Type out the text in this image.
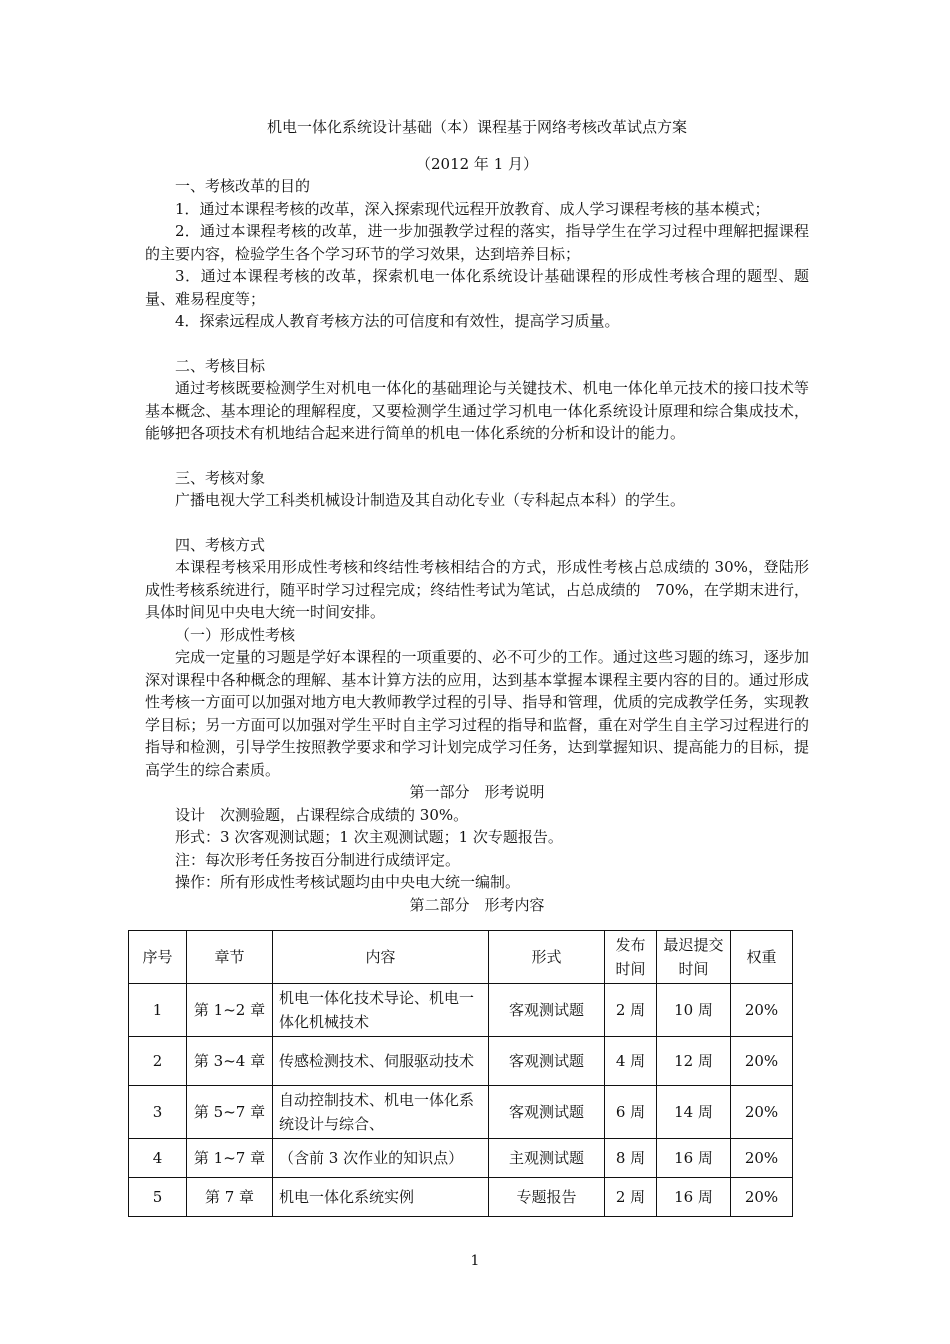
机电一体化系统设计基础（本）课程基于网络考核改革试点方案
（2012 年 1 月）

一、考核改革的目的

1．通过本课程考核的改革，深入探索现代远程开放教育、成人学习课程考核的基本模式；

2．通过本课程考核的改革，进一步加强教学过程的落实，指导学生在学习过程中理解把握课程的主要内容，检验学生各个学习环节的学习效果，达到培养目标；

3．通过本课程考核的改革，探索机电一体化系统设计基础课程的形成性考核合理的题型、题量、难易程度等；

4．探索远程成人教育考核方法的可信度和有效性，提高学习质量。

二、考核目标

通过考核既要检测学生对机电一体化的基础理论与关键技术、机电一体化单元技术的接口技术等基本概念、基本理论的理解程度，又要检测学生通过学习机电一体化系统设计原理和综合集成技术，能够把各项技术有机地结合起来进行简单的机电一体化系统的分析和设计的能力。

三、考核对象

广播电视大学工科类机械设计制造及其自动化专业（专科起点本科）的学生。

四、考核方式

本课程考核采用形成性考核和终结性考核相结合的方式，形成性考核占总成绩的 30%，登陆形成性考核系统进行，随平时学习过程完成；终结性考试为笔试，占总成绩的　70%，在学期末进行，具体时间见中央电大统一时间安排。

（一）形成性考核

完成一定量的习题是学好本课程的一项重要的、必不可少的工作。通过这些习题的练习，逐步加深对课程中各种概念的理解、基本计算方法的应用，达到基本掌握本课程主要内容的目的。通过形成性考核一方面可以加强对地方电大教师教学过程的引导、指导和管理，优质的完成教学任务，实现教学目标；另一方面可以加强对学生平时自主学习过程的指导和监督，重在对学生自主学习过程进行的指导和检测，引导学生按照教学要求和学习计划完成学习任务，达到掌握知识、提高能力的目标，提高学生的综合素质。

第一部分　形考说明

设计　次测验题，占课程综合成绩的 30%。

形式：3 次客观测试题；1 次主观测试题；1 次专题报告。

注：每次形考任务按百分制进行成绩评定。

操作：所有形成性考核试题均由中央电大统一编制。

第二部分　形考内容
序号	章节	内容	形式	发布时间	最迟提交时间	权重
1	第 1~2 章	机电一体化技术导论、机电一体化机械技术	客观测试题	2 周	10 周	20%
2	第 3~4 章	传感检测技术、伺服驱动技术	客观测试题	4 周	12 周	20%
3	第 5~7 章	自动控制技术、机电一体化系统设计与综合、	客观测试题	6 周	14 周	20%
4	第 1~7 章	（含前 3 次作业的知识点）	主观测试题	8 周	16 周	20%
5	第 7 章	机电一体化系统实例	专题报告	2 周	16 周	20%
1
